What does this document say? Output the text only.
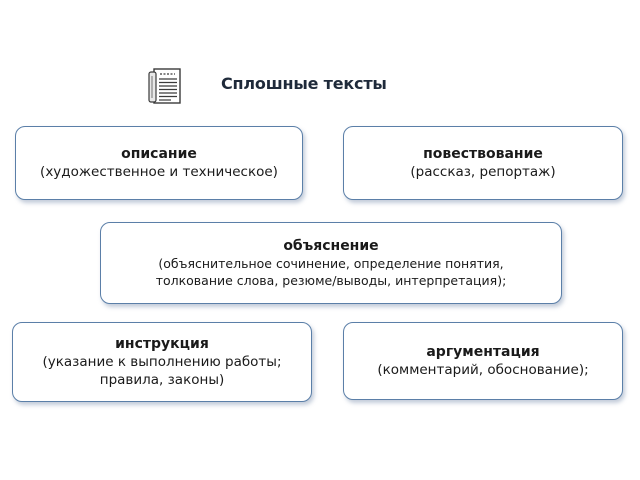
Сплошные тексты
описание
(художественное и техническое)
повествование
(рассказ, репортаж)
объяснение
(объяснительное сочинение, определение понятия,
толкование слова, резюме/выводы, интерпретация);
инструкция
(указание к выполнению работы;
правила, законы)
аргументация
(комментарий, обоснование);
